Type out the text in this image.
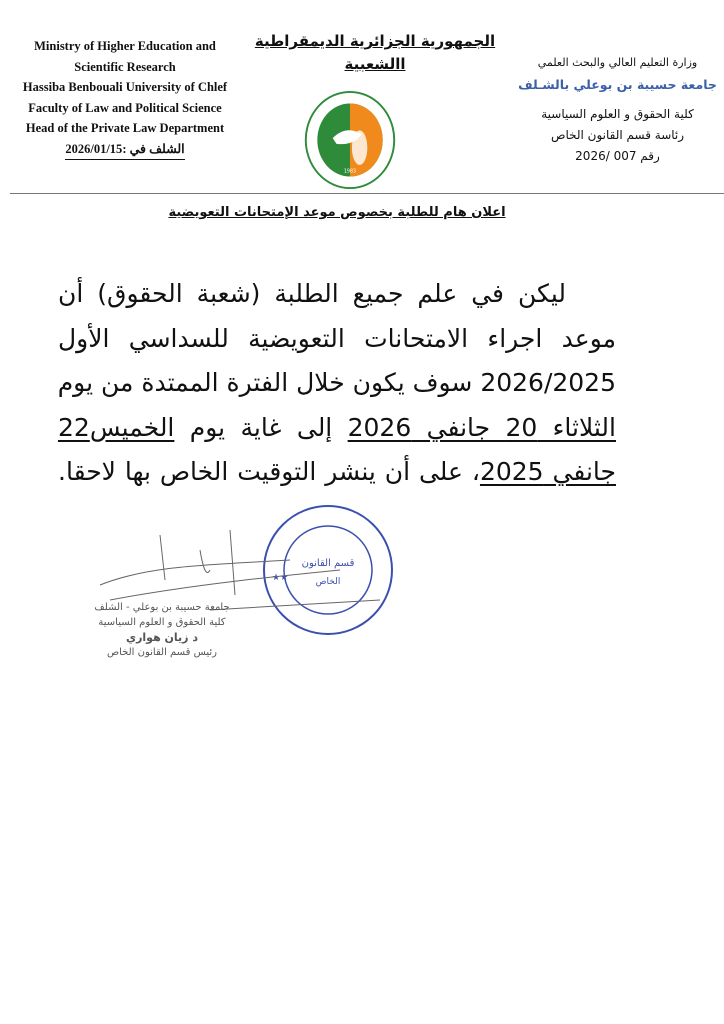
Ministry of Higher Education and
Scientific Research
Hassiba Benbouali University of Chlef
Faculty of Law and Political Science
Head of the Private Law Department
الشلف في :2026/01/15
الجمهورية الجزائرية الديمقراطية
االشعبية
1983
وزارة التعليم العالي والبحث العلمي
جامعة حسيبة بن بوعلي بالشـلف
كلية الحقوق و العلوم السياسية
رئاسة قسم القانون الخاص
رقم 007 /2026
اعلان هام للطلبة بخصوص موعد الإمتحانات التعويضية
ليكن في علم جميع الطلبة (شعبة الحقوق) أن
موعد اجراء الامتحانات التعويضية للسداسي الأول
2026/2025 سوف يكون خلال الفترة الممتدة من يوم
الثلاثاء 20 جانفي 2026 إلى غاية يوم الخميس22
جانفي 2025، على أن ينشر التوقيت الخاص بها لاحقا.
قسم القانون
الخاص
★★
جامعة حسيبة بن بوعلي - الشلف
كلية الحقوق و العلوم السياسية
د زيان هواري
رئيس قسم القانون الخاص
